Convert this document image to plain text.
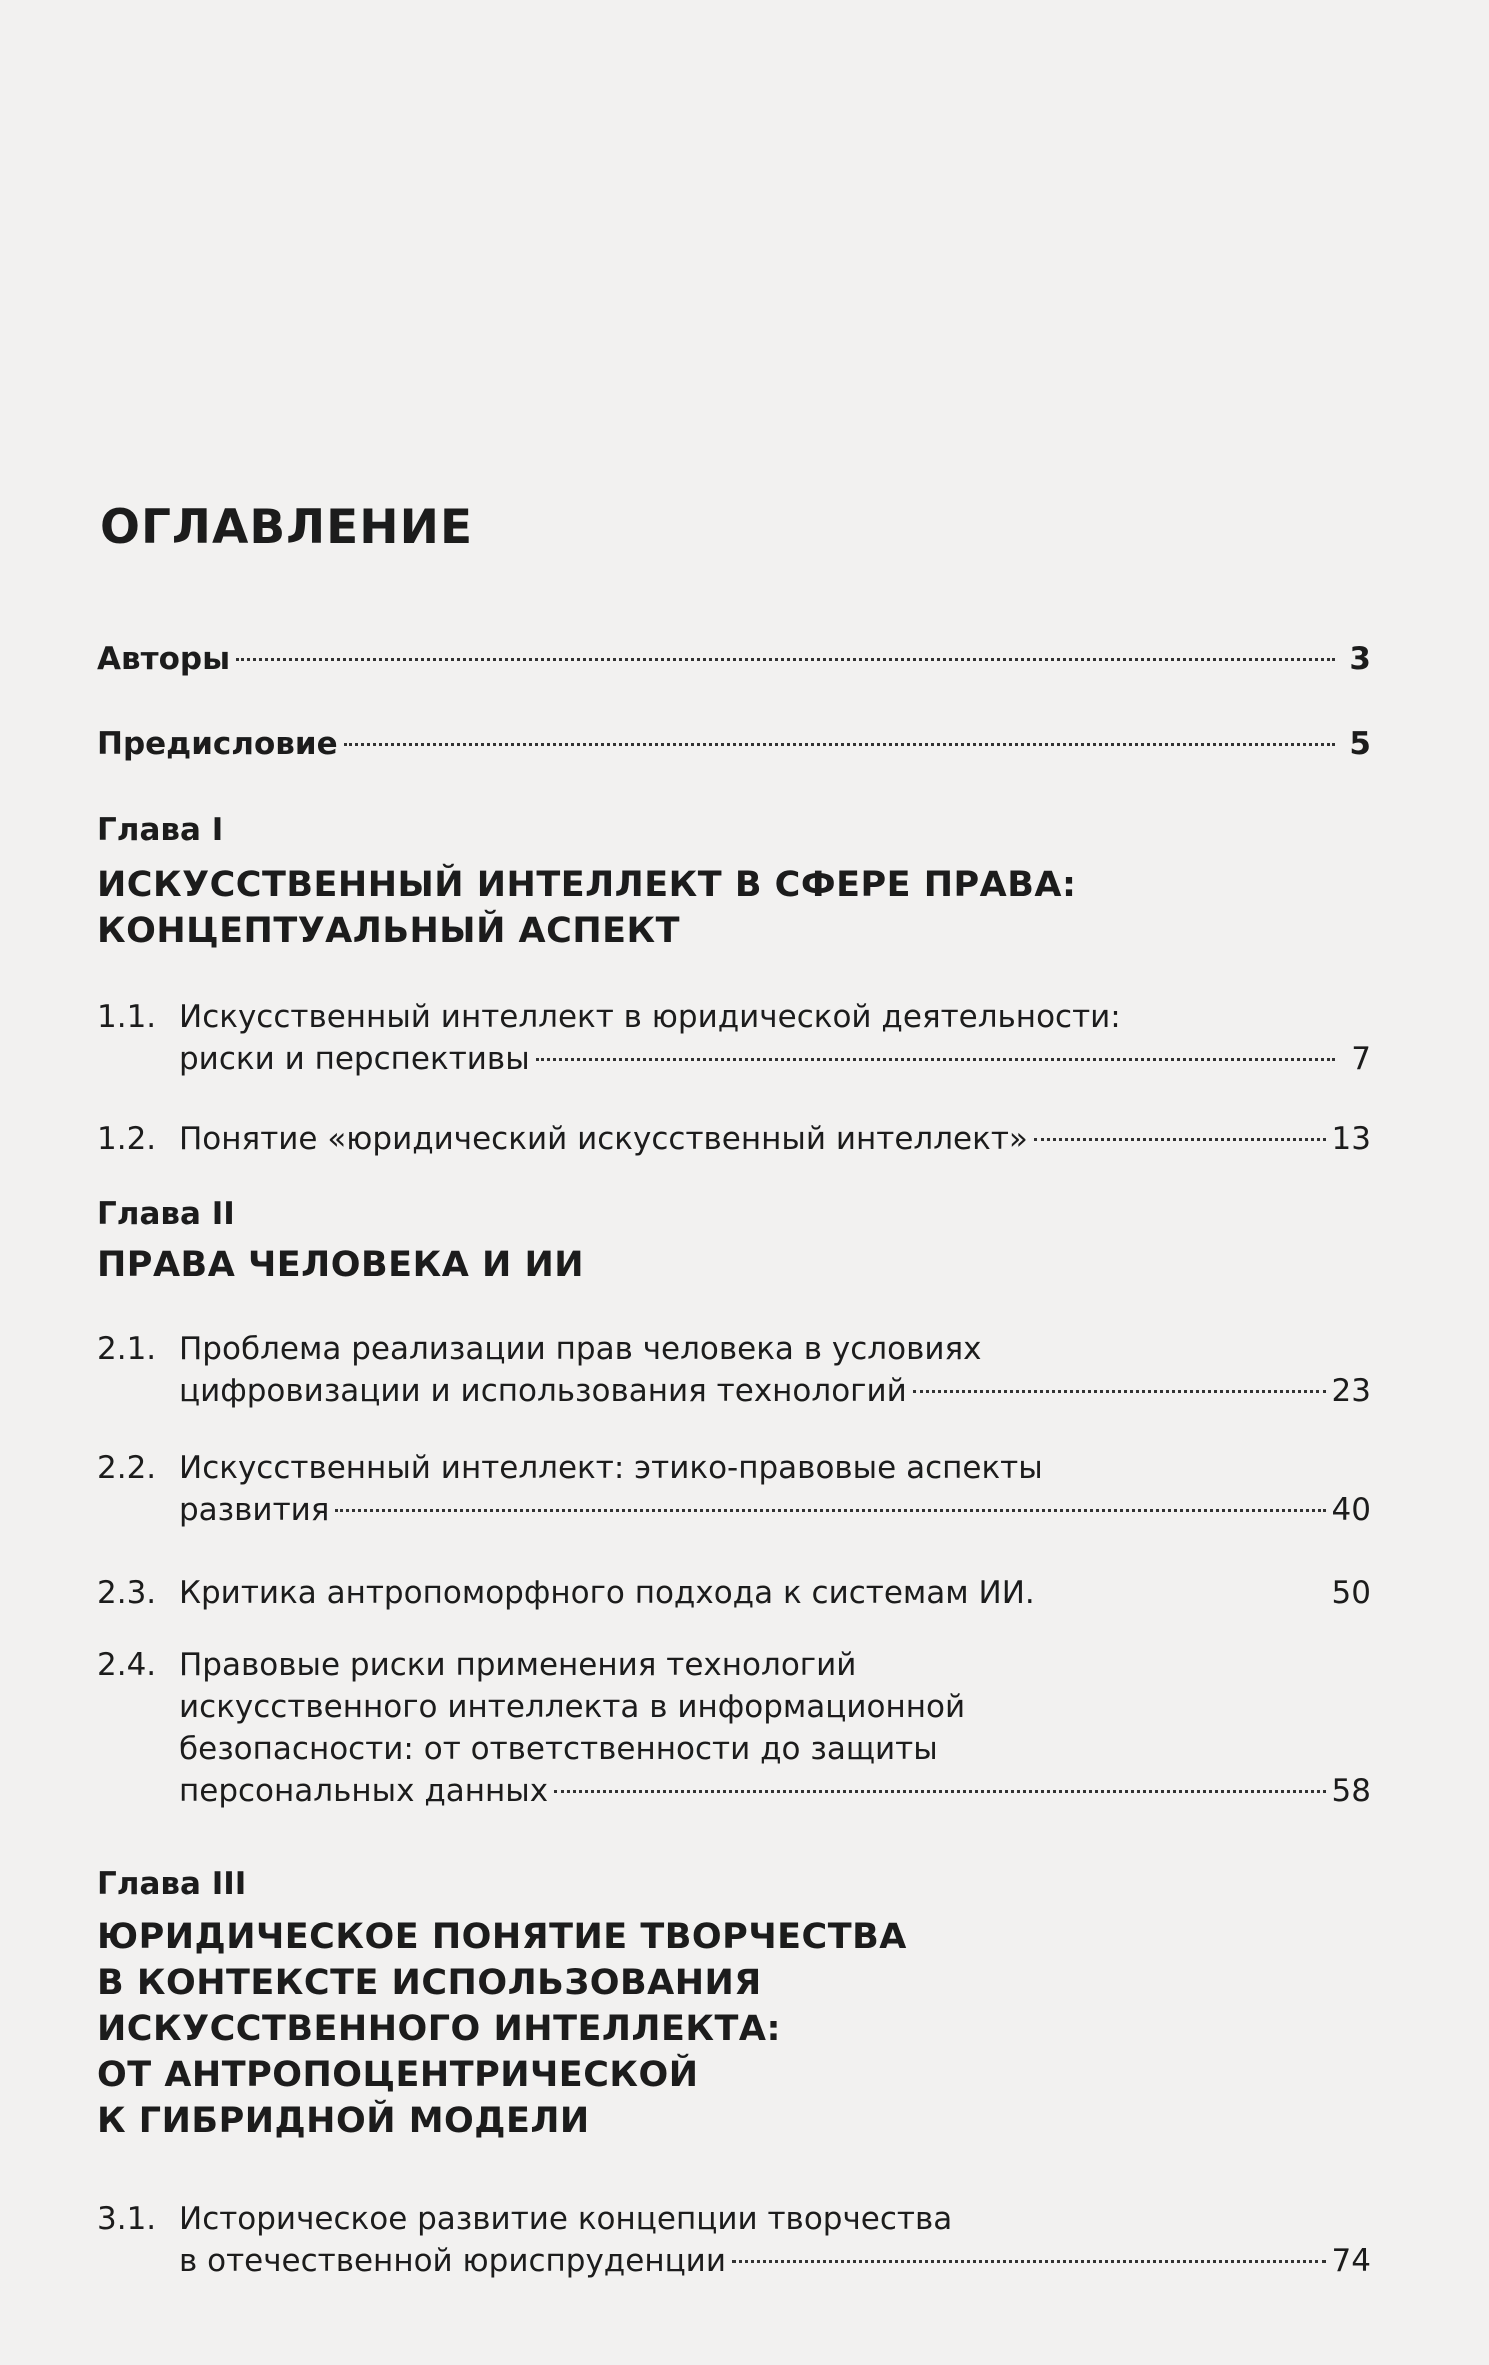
ОГЛАВЛЕНИЕ
Авторы	3
Предисловие	5
Глава I
ИСКУССТВЕННЫЙ ИНТЕЛЛЕКТ В СФЕРЕ ПРАВА:
КОНЦЕПТУАЛЬНЫЙ АСПЕКТ
1.1. Искусственный интеллект в юридической деятельности:
риски и перспективы	7
1.2. Понятие «юридический искусственный интеллект»	13
Глава II
ПРАВА ЧЕЛОВЕКА И ИИ
2.1. Проблема реализации прав человека в условиях
цифровизации и использования технологий	23
2.2. Искусственный интеллект: этико-правовые аспекты
развития	40
2.3. Критика антропоморфного подхода к системам ИИ.	50
2.4. Правовые риски применения технологий
искусственного интеллекта в информационной
безопасности: от ответственности до защиты
персональных данных	58
Глава III
ЮРИДИЧЕСКОЕ ПОНЯТИЕ ТВОРЧЕСТВА
В КОНТЕКСТЕ ИСПОЛЬЗОВАНИЯ
ИСКУССТВЕННОГО ИНТЕЛЛЕКТА:
ОТ АНТРОПОЦЕНТРИЧЕСКОЙ
К ГИБРИДНОЙ МОДЕЛИ
3.1. Историческое развитие концепции творчества
в отечественной юриспруденции	74
